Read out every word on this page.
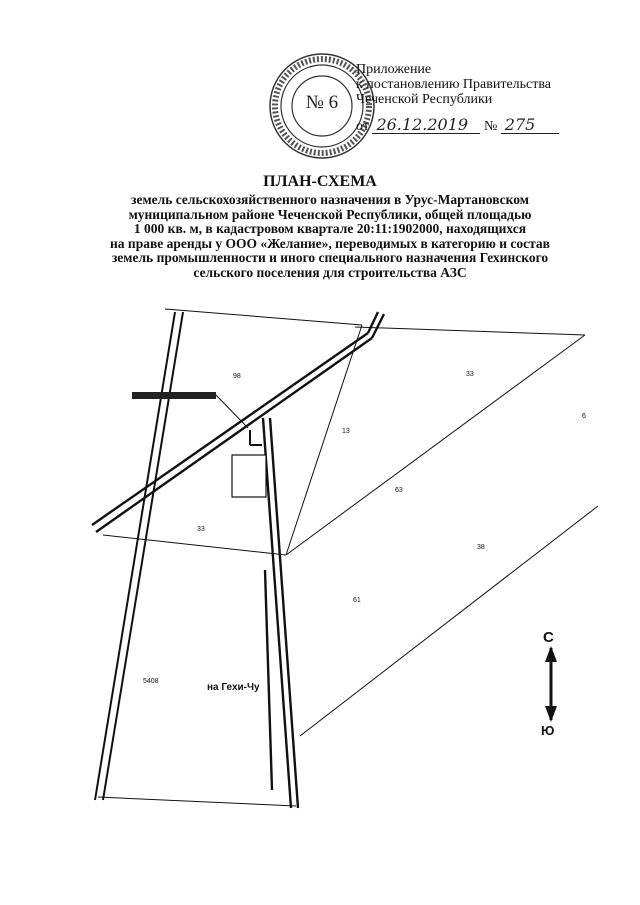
№ 6
Приложение
к постановлению Правительства
Чеченской Республики
от 26.12.2019 № 275
ПЛАН-СХЕМА
земель сельскохозяйственного назначения в Урус-Мартановском
муниципальном районе Чеченской Республики, общей площадью
1 000 кв. м, в кадастровом квартале 20:11:1902000, находящихся
на праве аренды у ООО «Желание», переводимых в категорию и состав
земель промышленности и иного специального назначения Гехинского
сельского поселения для строительства АЗС
98	33
13
63
33
61
5408
38
6
на Гехи-Чу
С
Ю
